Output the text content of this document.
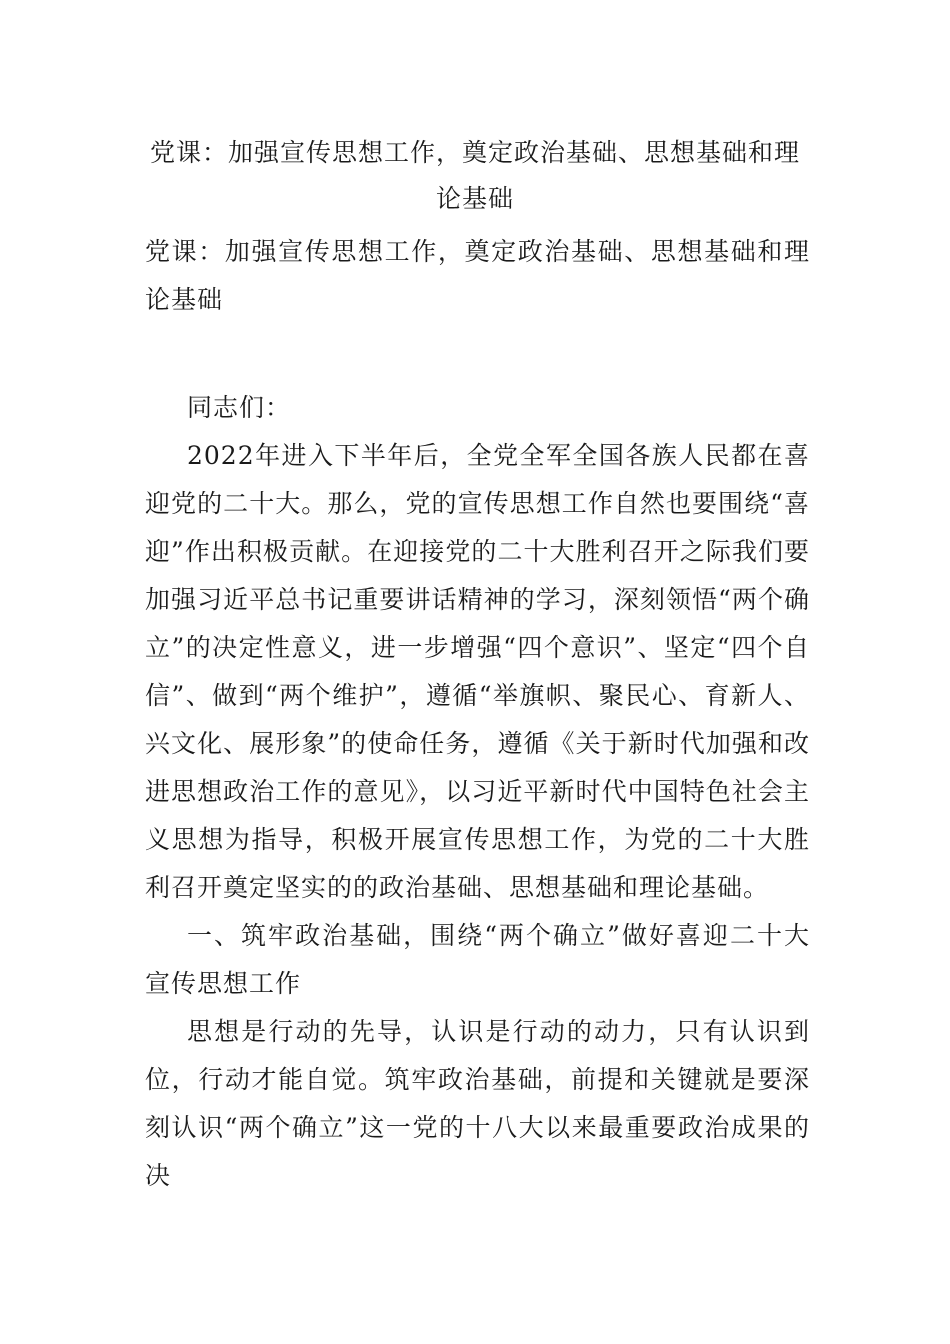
党课：加强宣传思想工作，奠定政治基础、思想基础和理论基础

党课：加强宣传思想工作，奠定政治基础、思想基础和理论基础

同志们：

2022年进入下半年后，全党全军全国各族人民都在喜迎党的二十大。那么，党的宣传思想工作自然也要围绕“喜迎”作出积极贡献。在迎接党的二十大胜利召开之际我们要加强习近平总书记重要讲话精神的学习，深刻领悟“两个确立”的决定性意义，进一步增强“四个意识”、坚定“四个自信”、做到“两个维护”，遵循“举旗帜、聚民心、育新人、兴文化、展形象”的使命任务，遵循《关于新时代加强和改进思想政治工作的意见》，以习近平新时代中国特色社会主义思想为指导，积极开展宣传思想工作，为党的二十大胜利召开奠定坚实的的政治基础、思想基础和理论基础。

一、筑牢政治基础，围绕“两个确立”做好喜迎二十大宣传思想工作

思想是行动的先导，认识是行动的动力，只有认识到位，行动才能自觉。筑牢政治基础，前提和关键就是要深刻认识“两个确立”这一党的十八大以来最重要政治成果的决
